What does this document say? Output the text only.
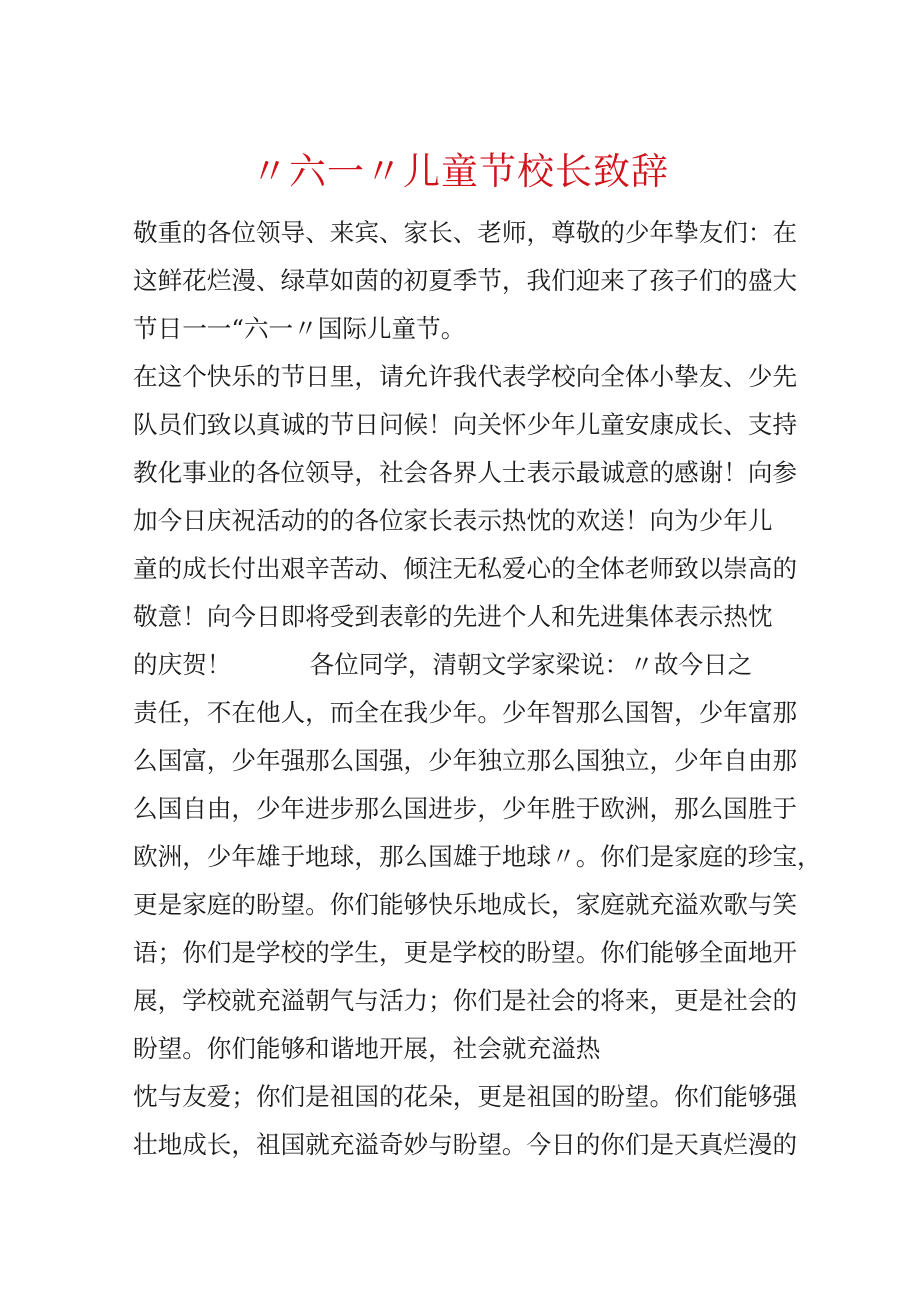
〃六一〃儿童节校长致辞
敬重的各位领导、来宾、家长、老师，尊敬的少年挚友们：在
这鲜花烂漫、绿草如茵的初夏季节，我们迎来了孩子们的盛大
节日一一“六一〃国际儿童节。
在这个快乐的节日里，请允许我代表学校向全体小挚友、少先
队员们致以真诚的节日问候！向关怀少年儿童安康成长、支持
教化事业的各位领导，社会各界人士表示最诚意的感谢！向参
加今日庆祝活动的的各位家长表示热忱的欢送！向为少年儿
童的成长付出艰辛苦动、倾注无私爱心的全体老师致以崇高的
敬意！向今日即将受到表彰的先进个人和先进集体表示热忱
的庆贺！          各位同学，清朝文学家梁说：〃故今日之
责任，不在他人，而全在我少年。少年智那么国智，少年富那
么国富，少年强那么国强，少年独立那么国独立，少年自由那
么国自由，少年进步那么国进步，少年胜于欧洲，那么国胜于
欧洲，少年雄于地球，那么国雄于地球〃。你们是家庭的珍宝，
更是家庭的盼望。你们能够快乐地成长，家庭就充溢欢歌与笑
语；你们是学校的学生，更是学校的盼望。你们能够全面地开
展，学校就充溢朝气与活力；你们是社会的将来，更是社会的
盼望。你们能够和谐地开展，社会就充溢热
忱与友爱；你们是祖国的花朵，更是祖国的盼望。你们能够强
壮地成长，祖国就充溢奇妙与盼望。今日的你们是天真烂漫的
